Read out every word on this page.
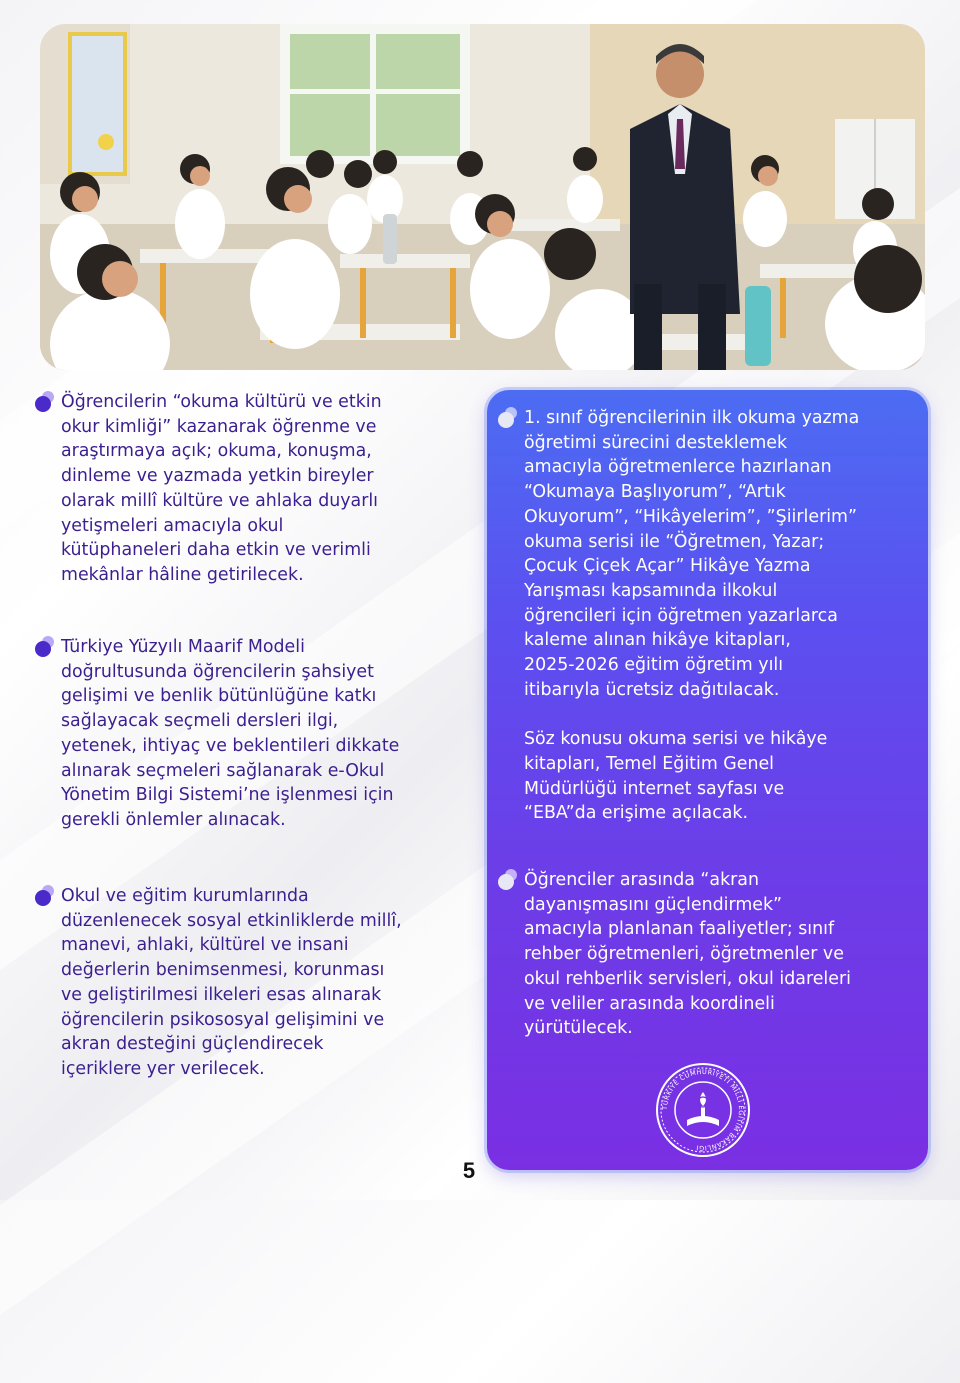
Öğrencilerin “okuma kültürü ve etkin
okur kimliği” kazanarak öğrenme ve
araştırmaya açık; okuma, konuşma,
dinleme ve yazmada yetkin bireyler
olarak millî kültüre ve ahlaka duyarlı
yetişmeleri amacıyla okul
kütüphaneleri daha etkin ve verimli
mekânlar hâline getirilecek.
Türkiye Yüzyılı Maarif Modeli
doğrultusunda öğrencilerin şahsiyet
gelişimi ve benlik bütünlüğüne katkı
sağlayacak seçmeli dersleri ilgi,
yetenek, ihtiyaç ve beklentileri dikkate
alınarak seçmeleri sağlanarak e-Okul
Yönetim Bilgi Sistemi’ne işlenmesi için
gerekli önlemler alınacak.
Okul ve eğitim kurumlarında
düzenlenecek sosyal etkinliklerde millî,
manevi, ahlaki, kültürel ve insani
değerlerin benimsenmesi, korunması
ve geliştirilmesi ilkeleri esas alınarak
öğrencilerin psikososyal gelişimini ve
akran desteğini güçlendirecek
içeriklere yer verilecek.
1. sınıf öğrencilerinin ilk okuma yazma
öğretimi sürecini desteklemek
amacıyla öğretmenlerce hazırlanan
“Okumaya Başlıyorum”, “Artık
Okuyorum”, “Hikâyelerim”, ”Şiirlerim”
okuma serisi ile “Öğretmen, Yazar;
Çocuk Çiçek Açar” Hikâye Yazma
Yarışması kapsamında ilkokul
öğrencileri için öğretmen yazarlarca
kaleme alınan hikâye kitapları,
2025-2026 eğitim öğretim yılı
itibarıyla ücretsiz dağıtılacak.

Söz konusu okuma serisi ve hikâye
kitapları, Temel Eğitim Genel
Müdürlüğü internet sayfası ve
“EBA”da erişime açılacak.
Öğrenciler arasında “akran
dayanışmasını güçlendirmek”
amacıyla planlanan faaliyetler; sınıf
rehber öğretmenleri, öğretmenler ve
okul rehberlik servisleri, okul idareleri
ve veliler arasında koordineli
yürütülecek.
TÜRKİYE CUMHURİYETİ MİLLÎ EĞİTİM BAKANLIĞI
5
